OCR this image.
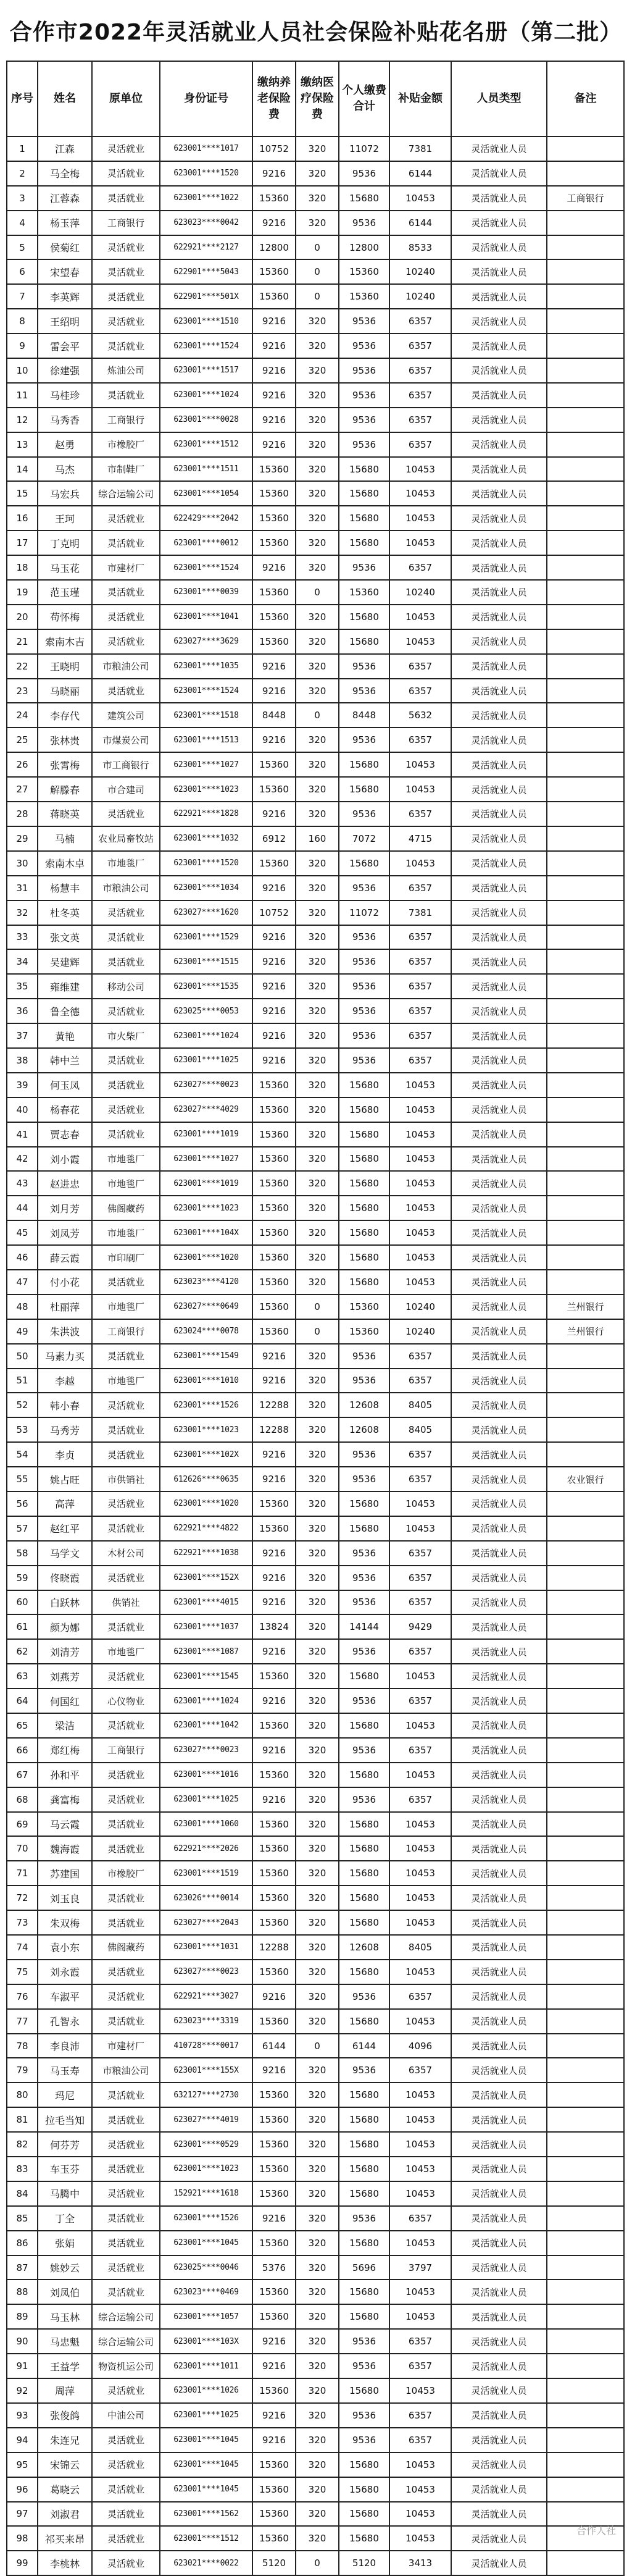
合作市2022年灵活就业人员社会保险补贴花名册（第二批）
序号	姓名	原单位	身份证号	缴纳养老保险费	缴纳医疗保险费	个人缴费合计	补贴金额	人员类型	备注
1	江森	灵活就业	623001****1017	10752	320	11072	7381	灵活就业人员	
2	马全梅	灵活就业	623001****1520	9216	320	9536	6144	灵活就业人员	
3	江蓉森	灵活就业	623001****1022	15360	320	15680	10453	灵活就业人员	工商银行
4	杨玉萍	工商银行	623023****0042	9216	320	9536	6144	灵活就业人员	
5	侯菊红	灵活就业	622921****2127	12800	0	12800	8533	灵活就业人员	
6	宋望春	灵活就业	622901****5043	15360	0	15360	10240	灵活就业人员	
7	李英辉	灵活就业	622901****501X	15360	0	15360	10240	灵活就业人员	
8	王绍明	灵活就业	623001****1510	9216	320	9536	6357	灵活就业人员	
9	雷会平	灵活就业	623001****1524	9216	320	9536	6357	灵活就业人员	
10	徐建强	炼油公司	623001****1517	9216	320	9536	6357	灵活就业人员	
11	马桂珍	灵活就业	623001****1024	9216	320	9536	6357	灵活就业人员	
12	马秀香	工商银行	623001****0028	9216	320	9536	6357	灵活就业人员	
13	赵勇	市橡胶厂	623001****1512	9216	320	9536	6357	灵活就业人员	
14	马杰	市制鞋厂	623001****1511	15360	320	15680	10453	灵活就业人员	
15	马宏兵	综合运输公司	623001****1054	15360	320	15680	10453	灵活就业人员	
16	王珂	灵活就业	622429****2042	15360	320	15680	10453	灵活就业人员	
17	丁克明	灵活就业	623001****0012	15360	320	15680	10453	灵活就业人员	
18	马玉花	市建材厂	623001****1524	9216	320	9536	6357	灵活就业人员	
19	范玉瑾	灵活就业	623001****0039	15360	0	15360	10240	灵活就业人员	
20	苟怀梅	灵活就业	623001****1041	15360	320	15680	10453	灵活就业人员	
21	索南木吉	灵活就业	623027****3629	15360	320	15680	10453	灵活就业人员	
22	王晓明	市粮油公司	623001****1035	9216	320	9536	6357	灵活就业人员	
23	马晓丽	灵活就业	623001****1524	9216	320	9536	6357	灵活就业人员	
24	李存代	建筑公司	623001****1518	8448	0	8448	5632	灵活就业人员	
25	张林贵	市煤炭公司	623001****1513	9216	320	9536	6357	灵活就业人员	
26	张霄梅	市工商银行	623001****1027	15360	320	15680	10453	灵活就业人员	
27	解滕春	市合建司	623001****1023	15360	320	15680	10453	灵活就业人员	
28	蒋晓英	灵活就业	622921****1828	9216	320	9536	6357	灵活就业人员	
29	马楠	农业局畜牧站	623001****1032	6912	160	7072	4715	灵活就业人员	
30	索南木卓	市地毯厂	623001****1520	15360	320	15680	10453	灵活就业人员	
31	杨慧丰	市粮油公司	623001****1034	9216	320	9536	6357	灵活就业人员	
32	杜冬英	灵活就业	623027****1620	10752	320	11072	7381	灵活就业人员	
33	张文英	灵活就业	623001****1529	9216	320	9536	6357	灵活就业人员	
34	吴建辉	灵活就业	623001****1515	9216	320	9536	6357	灵活就业人员	
35	雍维建	移动公司	623001****1535	9216	320	9536	6357	灵活就业人员	
36	鲁全德	灵活就业	623025****0053	9216	320	9536	6357	灵活就业人员	
37	黄艳	市火柴厂	623001****1024	9216	320	9536	6357	灵活就业人员	
38	韩中兰	灵活就业	623001****1025	9216	320	9536	6357	灵活就业人员	
39	何玉凤	灵活就业	623027****0023	15360	320	15680	10453	灵活就业人员	
40	杨春花	灵活就业	623027****4029	15360	320	15680	10453	灵活就业人员	
41	贾志春	灵活就业	623001****1019	15360	320	15680	10453	灵活就业人员	
42	刘小霞	市地毯厂	623001****1027	15360	320	15680	10453	灵活就业人员	
43	赵进忠	市地毯厂	623001****1019	15360	320	15680	10453	灵活就业人员	
44	刘月芳	佛阁藏药	623001****1023	15360	320	15680	10453	灵活就业人员	
45	刘凤芳	市地毯厂	623001****104X	15360	320	15680	10453	灵活就业人员	
46	薛云霞	市印刷厂	623001****1020	15360	320	15680	10453	灵活就业人员	
47	付小花	灵活就业	623023****4120	15360	320	15680	10453	灵活就业人员	
48	杜丽萍	市地毯厂	623027****0649	15360	0	15360	10240	灵活就业人员	兰州银行
49	朱洪波	工商银行	623024****0078	15360	0	15360	10240	灵活就业人员	兰州银行
50	马素力买	灵活就业	623001****1549	9216	320	9536	6357	灵活就业人员	
51	李越	市地毯厂	623001****1010	9216	320	9536	6357	灵活就业人员	
52	韩小春	灵活就业	623001****1526	12288	320	12608	8405	灵活就业人员	
53	马秀芳	灵活就业	623001****1023	12288	320	12608	8405	灵活就业人员	
54	李贞	灵活就业	623001****102X	9216	320	9536	6357	灵活就业人员	
55	姚占旺	市供销社	612626****0635	9216	320	9536	6357	灵活就业人员	农业银行
56	高萍	灵活就业	623001****1020	15360	320	15680	10453	灵活就业人员	
57	赵红平	灵活就业	622921****4822	15360	320	15680	10453	灵活就业人员	
58	马学文	木材公司	622921****1038	9216	320	9536	6357	灵活就业人员	
59	佟晓霞	灵活就业	623001****152X	9216	320	9536	6357	灵活就业人员	
60	白跃林	供销社	623001****4015	9216	320	9536	6357	灵活就业人员	
61	颜为娜	灵活就业	623001****1037	13824	320	14144	9429	灵活就业人员	
62	刘清芳	市地毯厂	623001****1087	9216	320	9536	6357	灵活就业人员	
63	刘燕芳	灵活就业	623001****1545	15360	320	15680	10453	灵活就业人员	
64	何国红	心仪物业	623001****1024	9216	320	9536	6357	灵活就业人员	
65	梁洁	灵活就业	623001****1042	15360	320	15680	10453	灵活就业人员	
66	郑红梅	工商银行	623027****0023	9216	320	9536	6357	灵活就业人员	
67	孙和平	灵活就业	623001****1016	15360	320	15680	10453	灵活就业人员	
68	龚富梅	灵活就业	623001****1025	9216	320	9536	6357	灵活就业人员	
69	马云霞	灵活就业	623001****1060	15360	320	15680	10453	灵活就业人员	
70	魏海霞	灵活就业	622921****2026	15360	320	15680	10453	灵活就业人员	
71	苏建国	市橡胶厂	623001****1519	15360	320	15680	10453	灵活就业人员	
72	刘玉良	灵活就业	623026****0014	15360	320	15680	10453	灵活就业人员	
73	朱双梅	灵活就业	623027****2043	15360	320	15680	10453	灵活就业人员	
74	袁小东	佛阁藏药	623001****1031	12288	320	12608	8405	灵活就业人员	
75	刘永霞	灵活就业	623027****0023	15360	320	15680	10453	灵活就业人员	
76	车淑平	灵活就业	622921****3027	9216	320	9536	6357	灵活就业人员	
77	孔智永	灵活就业	623023****3319	15360	320	15680	10453	灵活就业人员	
78	李良沛	市建材厂	410728****0017	6144	0	6144	4096	灵活就业人员	
79	马玉寿	市粮油公司	623001****155X	9216	320	9536	6357	灵活就业人员	
80	玛尼	灵活就业	632127****2730	15360	320	15680	10453	灵活就业人员	
81	拉毛当知	灵活就业	623027****4019	15360	320	15680	10453	灵活就业人员	
82	何芬芳	灵活就业	623001****0529	15360	320	15680	10453	灵活就业人员	
83	车玉芬	灵活就业	623001****1023	15360	320	15680	10453	灵活就业人员	
84	马腾中	灵活就业	152921****1618	15360	320	15680	10453	灵活就业人员	
85	丁全	灵活就业	623001****1526	9216	320	9536	6357	灵活就业人员	
86	张娟	灵活就业	623001****1045	15360	320	15680	10453	灵活就业人员	
87	姚妙云	灵活就业	623025****0046	5376	320	5696	3797	灵活就业人员	
88	刘凤伯	灵活就业	623023****0469	15360	320	15680	10453	灵活就业人员	
89	马玉林	综合运输公司	623001****1057	15360	320	15680	10453	灵活就业人员	
90	马忠魁	综合运输公司	623001****103X	9216	320	9536	6357	灵活就业人员	
91	王益学	物资机运公司	623001****1011	9216	320	9536	6357	灵活就业人员	
92	周萍	灵活就业	623001****1026	15360	320	15680	10453	灵活就业人员	
93	张俊鸽	中油公司	623001****1025	9216	320	9536	6357	灵活就业人员	
94	朱连兄	灵活就业	623001****1045	9216	320	9536	6357	灵活就业人员	
95	宋锦云	灵活就业	623001****1045	15360	320	15680	10453	灵活就业人员	
96	葛晓云	灵活就业	623001****1045	15360	320	15680	10453	灵活就业人员	
97	刘淑君	灵活就业	623001****1562	15360	320	15680	10453	灵活就业人员	
98	祁买来昂	灵活就业	623001****1512	15360	320	15680	10453	灵活就业人员	
99	李桃林	灵活就业	623021****0022	5120	0	5120	3413	灵活就业人员	
合作人社
